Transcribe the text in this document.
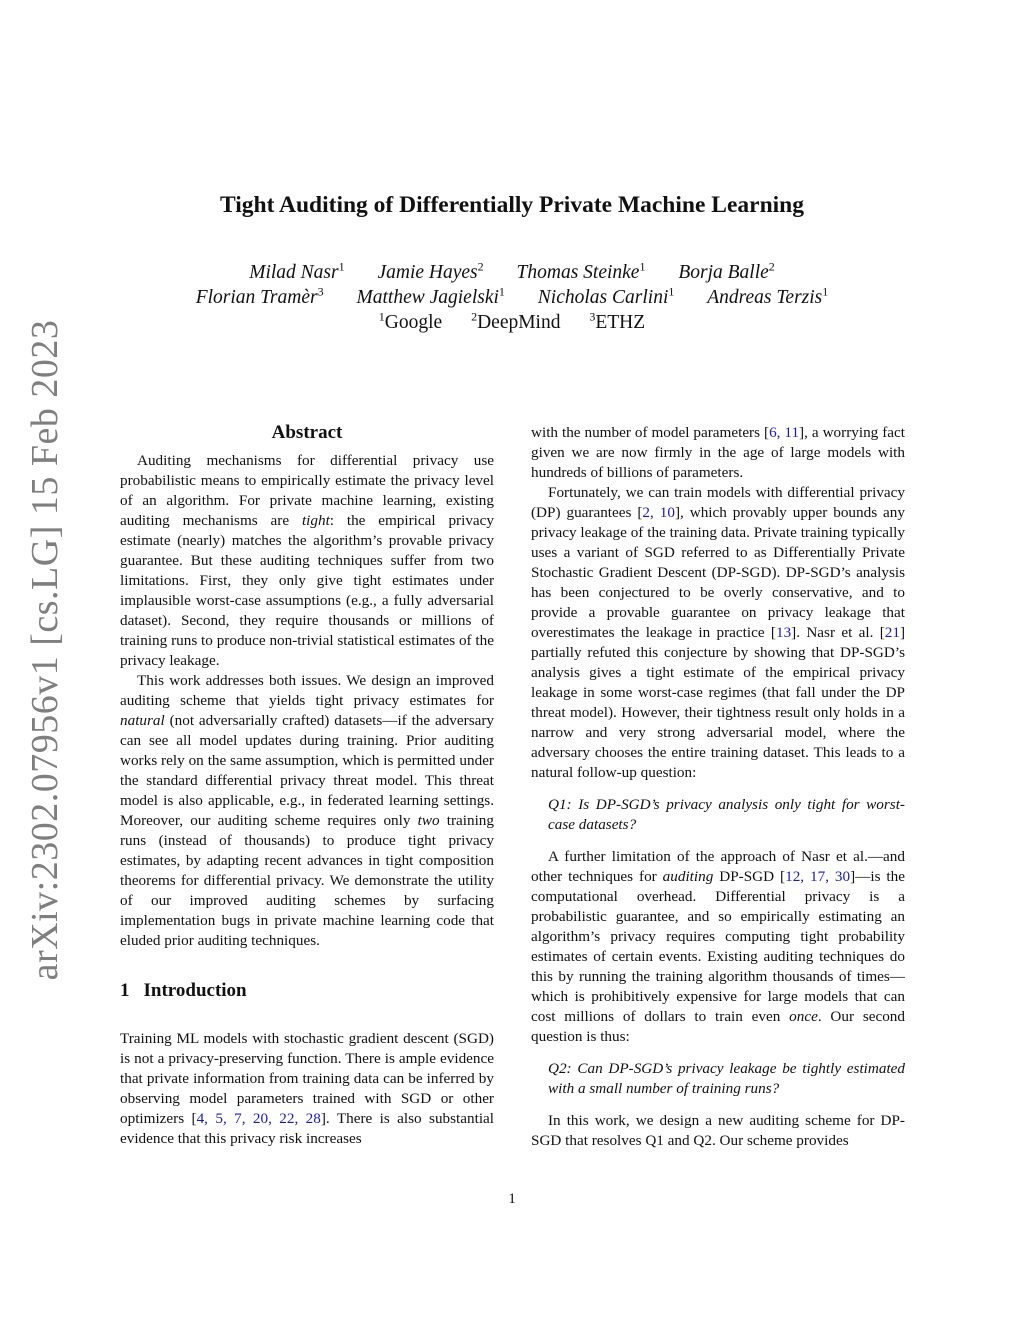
arXiv:2302.07956v1 [cs.LG] 15 Feb 2023
Tight Auditing of Differentially Private Machine Learning
Milad Nasr$^1$ Jamie Hayes$^2$ Thomas Steinke$^1$ Borja Balle$^2$
Florian Tramèr$^3$ Matthew Jagielski$^1$ Nicholas Carlini$^1$ Andreas Terzis$^1$
$^1$Google $^2$DeepMind $^3$ETHZ
Abstract

Auditing mechanisms for differential privacy use probabilistic means to empirically estimate the privacy level of an algorithm. For private machine learning, existing auditing mechanisms are tight: the empirical privacy estimate (nearly) matches the algorithm’s provable privacy guarantee. But these auditing techniques suffer from two limitations. First, they only give tight estimates under implausible worst-case assumptions (e.g., a fully adversarial dataset). Second, they require thousands or millions of training runs to produce non-trivial statistical estimates of the privacy leakage.

This work addresses both issues. We design an improved auditing scheme that yields tight privacy estimates for natural (not adversarially crafted) datasets—if the adversary can see all model updates during training. Prior auditing works rely on the same assumption, which is permitted under the standard differential privacy threat model. This threat model is also applicable, e.g., in federated learning settings. Moreover, our auditing scheme requires only two training runs (instead of thousands) to produce tight privacy estimates, by adapting recent advances in tight composition theorems for differential privacy. We demonstrate the utility of our improved auditing schemes by surfacing implementation bugs in private machine learning code that eluded prior auditing techniques.

1 Introduction

Training ML models with stochastic gradient descent (SGD) is not a privacy-preserving function. There is ample evidence that private information from training data can be inferred by observing model parameters trained with SGD or other optimizers [4, 5, 7, 20, 22, 28]. There is also substantial evidence that this privacy risk increases

with the number of model parameters [6, 11], a worrying fact given we are now firmly in the age of large models with hundreds of billions of parameters.

Fortunately, we can train models with differential privacy (DP) guarantees [2, 10], which provably upper bounds any privacy leakage of the training data. Private training typically uses a variant of SGD referred to as Differentially Private Stochastic Gradient Descent (DP-SGD). DP-SGD’s analysis has been conjectured to be overly conservative, and to provide a provable guarantee on privacy leakage that overestimates the leakage in practice [13]. Nasr et al. [21] partially refuted this conjecture by showing that DP-SGD’s analysis gives a tight estimate of the empirical privacy leakage in some worst-case regimes (that fall under the DP threat model). However, their tightness result only holds in a narrow and very strong adversarial model, where the adversary chooses the entire training dataset. This leads to a natural follow-up question:

Q1: Is DP-SGD’s privacy analysis only tight for worst-case datasets?

A further limitation of the approach of Nasr et al.—and other techniques for auditing DP-SGD [12, 17, 30]—is the computational overhead. Differential privacy is a probabilistic guarantee, and so empirically estimating an algorithm’s privacy requires computing tight probability estimates of certain events. Existing auditing techniques do this by running the training algorithm thousands of times—which is prohibitively expensive for large models that can cost millions of dollars to train even once. Our second question is thus:

Q2: Can DP-SGD’s privacy leakage be tightly estimated with a small number of training runs?

In this work, we design a new auditing scheme for DP-SGD that resolves Q1 and Q2. Our scheme provides

1
